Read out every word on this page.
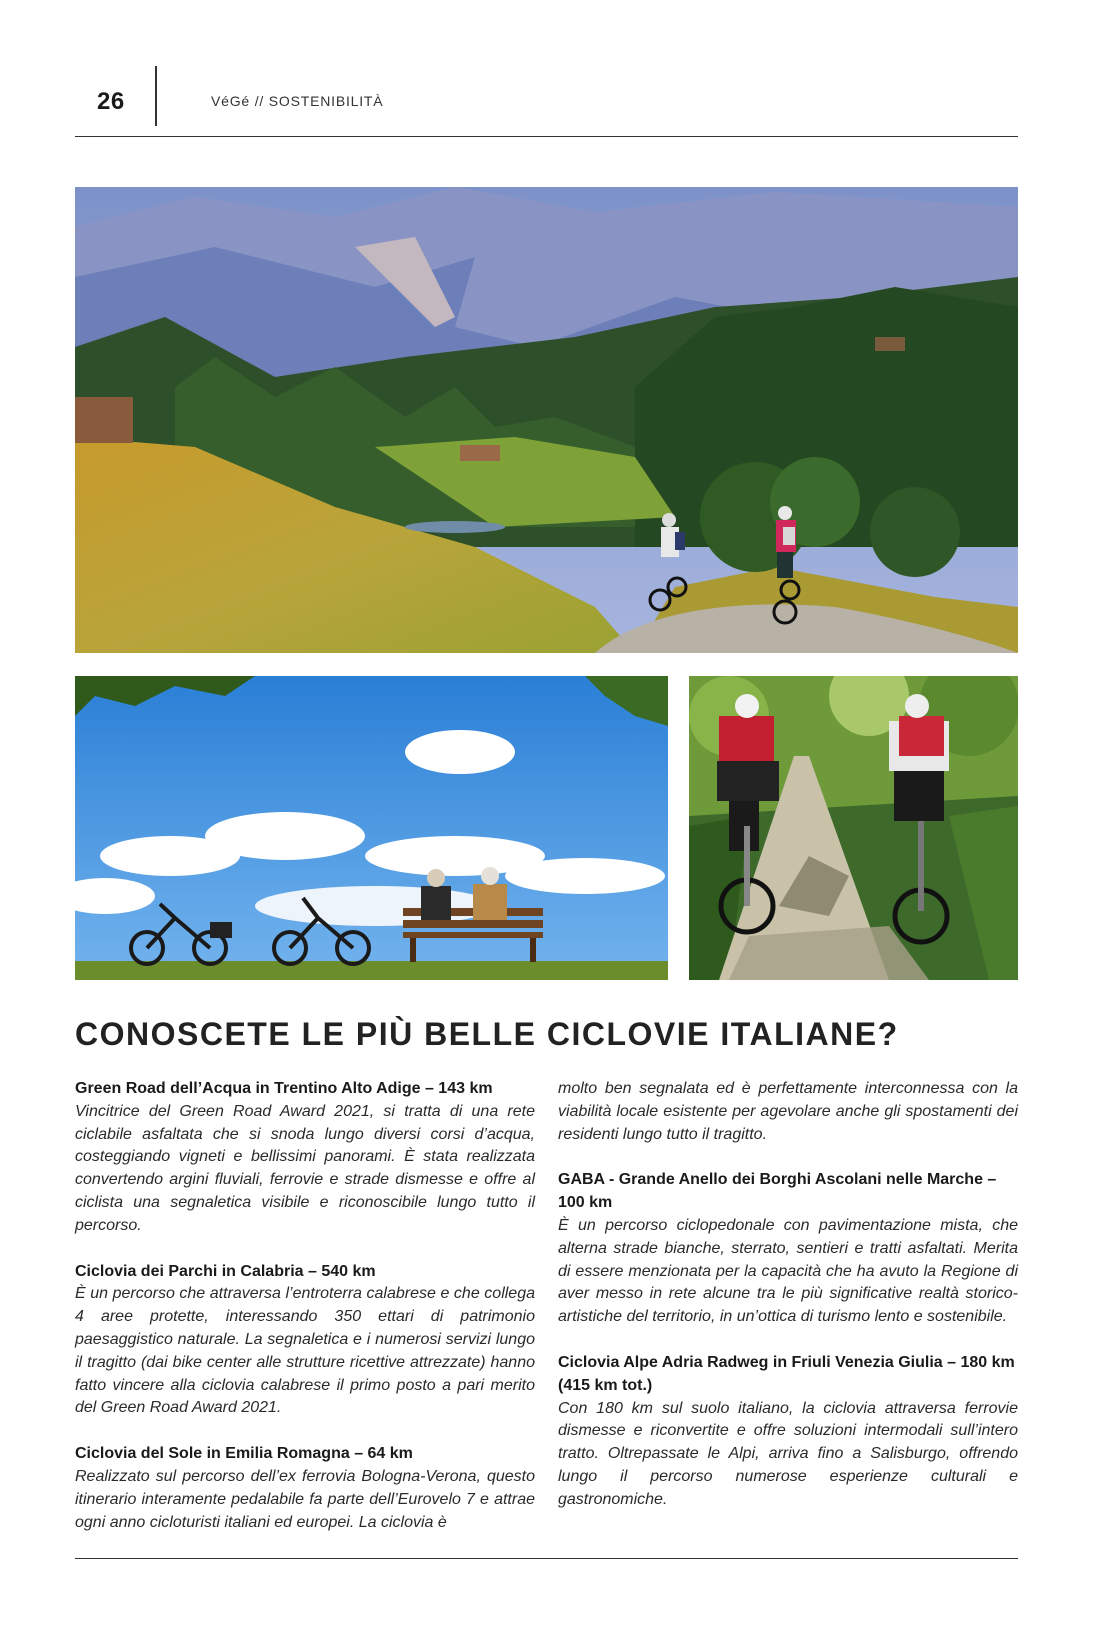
26	VéGé // SOSTENIBILITÀ
CONOSCETE LE PIÙ BELLE CICLOVIE ITALIANE?

Green Road dell’Acqua in Trentino Alto Adige – 143 km

Vincitrice del Green Road Award 2021, si tratta di una rete ciclabile asfaltata che si snoda lungo diversi corsi d’acqua, costeggiando vigneti e bellissimi panorami. È stata realizzata convertendo argini fluviali, ferrovie e strade dismesse e offre al ciclista una segnaletica visibile e riconoscibile lungo tutto il percorso.

Ciclovia dei Parchi in Calabria – 540 km

È un percorso che attraversa l’entroterra calabrese e che collega 4 aree protette, interessando 350 ettari di patrimonio paesaggistico naturale. La segnaletica e i numerosi servizi lungo il tragitto (dai bike center alle strutture ricettive attrezzate) hanno fatto vincere alla ciclovia calabrese il primo posto a pari merito del Green Road Award 2021.

Ciclovia del Sole in Emilia Romagna – 64 km

Realizzato sul percorso dell’ex ferrovia Bologna-Verona, questo itinerario interamente pedalabile fa parte dell’Eurovelo 7 e attrae ogni anno cicloturisti italiani ed europei. La ciclovia è

molto ben segnalata ed è perfettamente interconnessa con la viabilità locale esistente per agevolare anche gli spostamenti dei residenti lungo tutto il tragitto.

GABA - Grande Anello dei Borghi Ascolani nelle Marche – 100 km

È un percorso ciclopedonale con pavimentazione mista, che alterna strade bianche, sterrato, sentieri e tratti asfaltati. Merita di essere menzionata per la capacità che ha avuto la Regione di aver messo in rete alcune tra le più significative realtà storico-artistiche del territorio, in un’ottica di turismo lento e sostenibile.

Ciclovia Alpe Adria Radweg in Friuli Venezia Giulia – 180 km (415 km tot.)

Con 180 km sul suolo italiano, la ciclovia attraversa ferrovie dismesse e riconvertite e offre soluzioni intermodali sull’intero tratto. Oltrepassate le Alpi, arriva fino a Salisburgo, offrendo lungo il percorso numerose esperienze culturali e gastronomiche.
